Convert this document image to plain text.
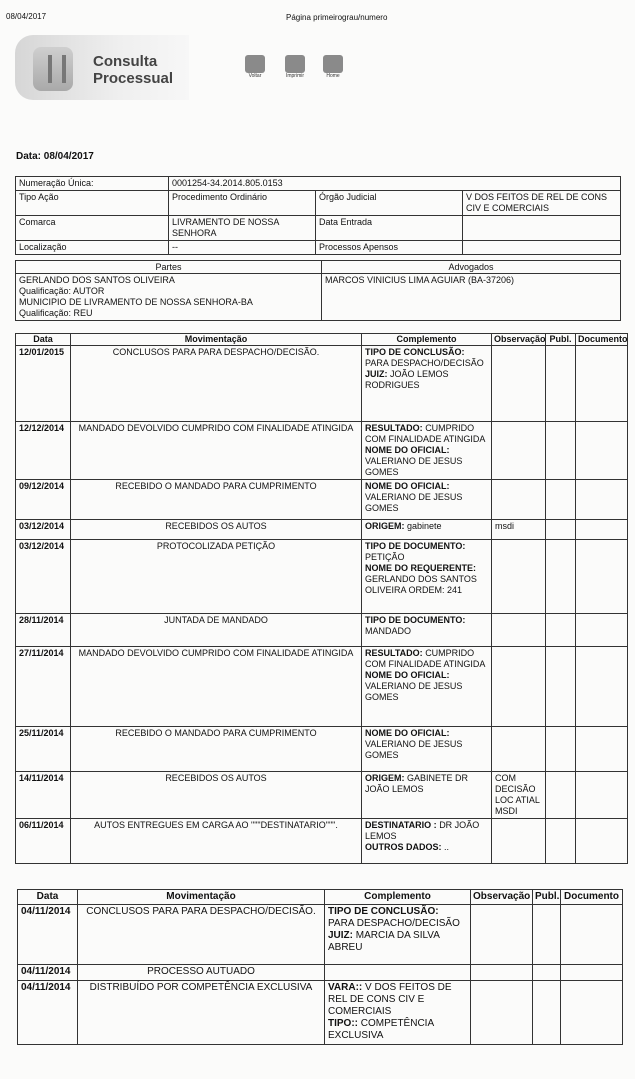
08/04/2017	Página primeirograu/numero
Consulta
Processual	Voltar	Imprimir	Home
Data: 08/04/2017
Numeração Única:	0001254-34.2014.805.0153		
Tipo Ação	Procedimento Ordinário	Órgão Judicial	V DOS FEITOS DE REL DE CONS CIV E COMERCIAIS
Comarca	LIVRAMENTO DE NOSSA SENHORA	Data Entrada	
Localização	--	Processos Apensos	
Partes	Advogados

GERLANDO DOS SANTOS OLIVEIRA
Qualificação: AUTOR
MUNICIPIO DE LIVRAMENTO DE NOSSA SENHORA-BA
Qualificação: REU	MARCOS VINICIUS LIMA AGUIAR (BA-37206)
Data	Movimentação	Complemento	Observação	Publ.	Documento
12/01/2015	CONCLUSOS PARA PARA DESPACHO/DECISÃO.	TIPO DE CONCLUSÃO: PARA DESPACHO/DECISÃO
JUIZ: JOÃO LEMOS RODRIGUES

12/12/2014	MANDADO DEVOLVIDO CUMPRIDO COM FINALIDADE ATINGIDA	RESULTADO: CUMPRIDO COM FINALIDADE ATINGIDA
NOME DO OFICIAL: VALERIANO DE JESUS GOMES

09/12/2014	RECEBIDO O MANDADO PARA CUMPRIMENTO	NOME DO OFICIAL: VALERIANO DE JESUS GOMES

03/12/2014	RECEBIDOS OS AUTOS	ORIGEM: gabinete	msdi		
03/12/2014	PROTOCOLIZADA PETIÇÃO	TIPO DE DOCUMENTO: PETIÇÃO
NOME DO REQUERENTE: GERLANDO DOS SANTOS OLIVEIRA ORDEM: 241

28/11/2014	JUNTADA DE MANDADO	TIPO DE DOCUMENTO: MANDADO

27/11/2014	MANDADO DEVOLVIDO CUMPRIDO COM FINALIDADE ATINGIDA	RESULTADO: CUMPRIDO COM FINALIDADE ATINGIDA
NOME DO OFICIAL: VALERIANO DE JESUS GOMES

25/11/2014	RECEBIDO O MANDADO PARA CUMPRIMENTO	NOME DO OFICIAL: VALERIANO DE JESUS GOMES

14/11/2014	RECEBIDOS OS AUTOS	ORIGEM: GABINETE DR JOÃO LEMOS	COM DECISÃO LOC ATIAL MSDI		
06/11/2014	AUTOS ENTREGUES EM CARGA AO """DESTINATARIO""".	DESTINATARIO : DR JOÃO LEMOS
OUTROS DADOS: ..

Data	Movimentação	Complemento	Observação	Publ.	Documento
04/11/2014	CONCLUSOS PARA PARA DESPACHO/DECISÃO.	TIPO DE CONCLUSÃO: PARA DESPACHO/DECISÃO
JUIZ: MARCIA DA SILVA ABREU

04/11/2014	PROCESSO AUTUADO				
04/11/2014	DISTRIBUÍDO POR COMPETÊNCIA EXCLUSIVA	VARA:: V DOS FEITOS DE REL DE CONS CIV E COMERCIAIS
TIPO:: COMPETÊNCIA EXCLUSIVA
